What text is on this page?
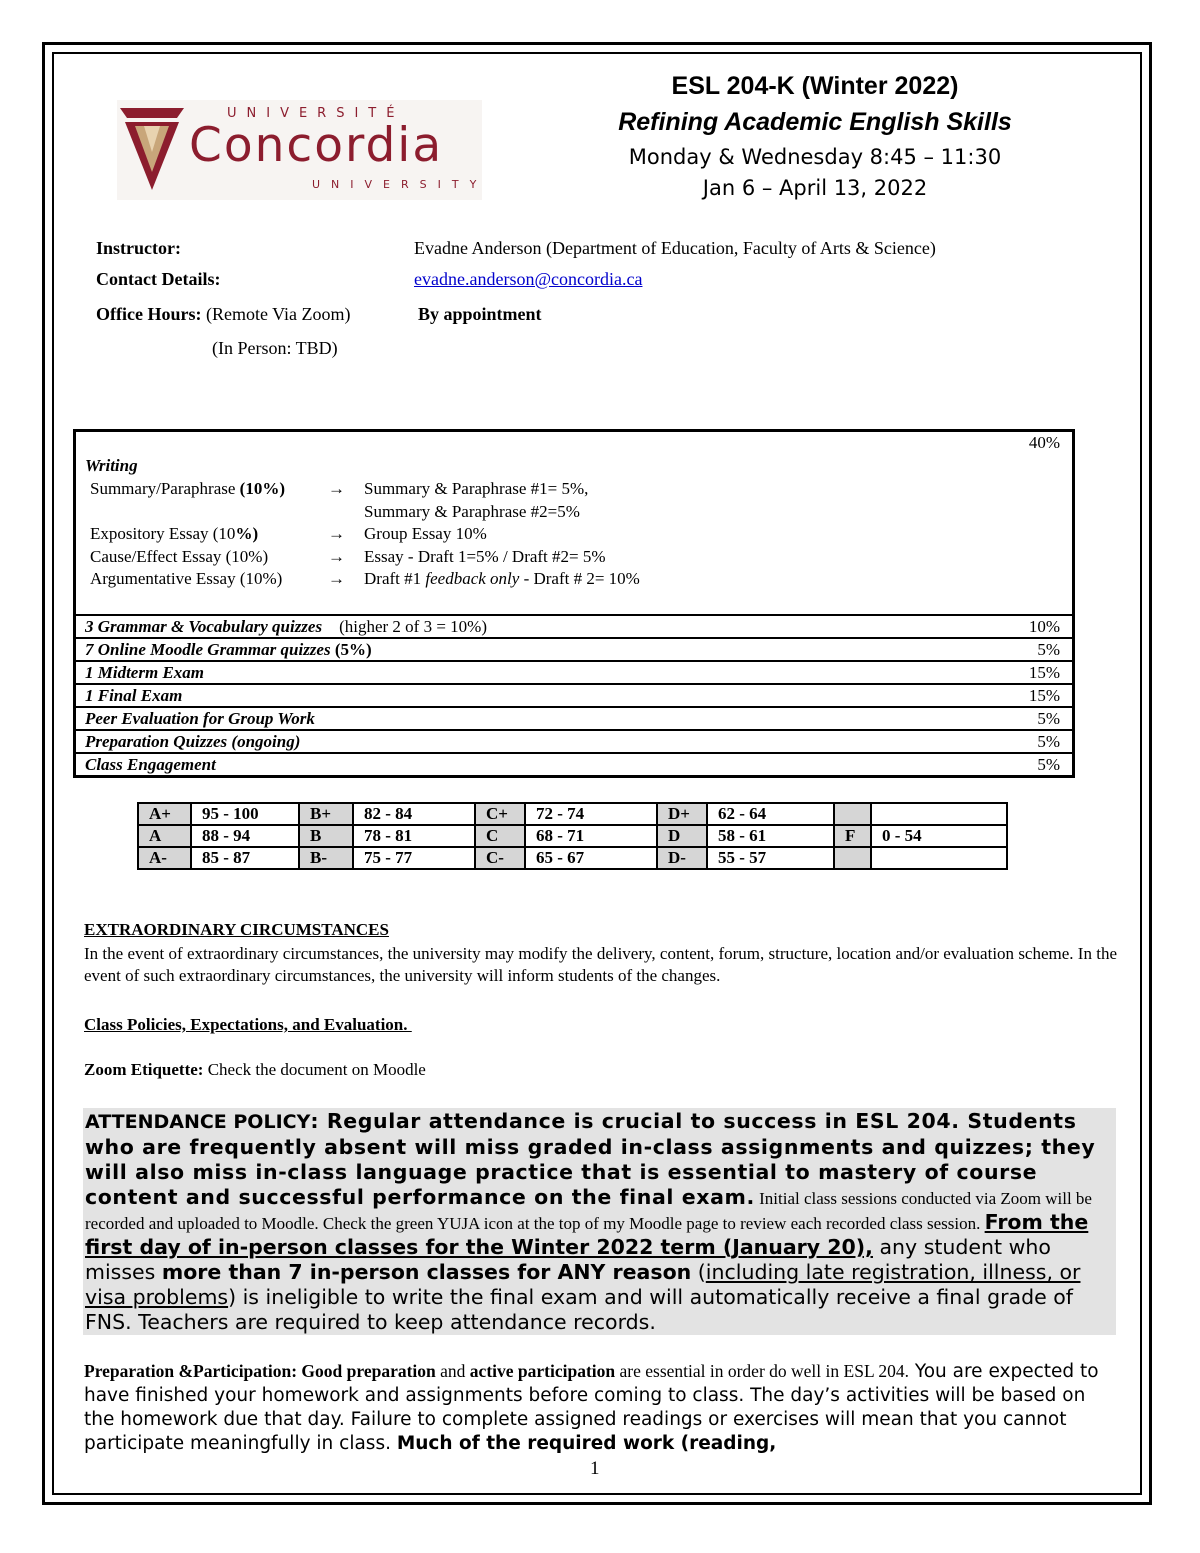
UNIVERSITÉ
Concordia
UNIVERSITY
ESL 204-K (Winter 2022)
Refining Academic English Skills
Monday & Wednesday 8:45 – 11:30
Jan 6 – April 13, 2022
Instructor:	Evadne Anderson (Department of Education, Faculty of Arts & Science)
Contact Details:	evadne.anderson@concordia.ca
Office Hours: (Remote Via Zoom)	By appointment
(In Person: TBD)
40%
Writing
Summary/Paraphrase (10%)	→ Summary & Paraphrase #1= 5%,
Summary & Paraphrase #2=5%
Expository Essay (10%)	→ Group Essay 10%
Cause/Effect Essay (10%)	→ Essay - Draft 1=5% / Draft #2= 5%
Argumentative Essay (10%)	→ Draft #1 feedback only - Draft # 2= 10%
3 Grammar & Vocabulary quizzes (higher 2 of 3 = 10%)	10%
7 Online Moodle Grammar quizzes (5%)	5%
1 Midterm Exam	15%
1 Final Exam	15%
Peer Evaluation for Group Work	5%
Preparation Quizzes (ongoing)	5%
Class Engagement	5%
A+	95 - 100	B+	82 - 84	C+	72 - 74	D+	62 - 64		
A	88 - 94	B	78 - 81	C	68 - 71	D	58 - 61	F	0 - 54
A-	85 - 87	B-	75 - 77	C-	65 - 67	D-	55 - 57		
EXTRAORDINARY CIRCUMSTANCES
In the event of extraordinary circumstances, the university may modify the delivery, content, forum, structure, location and/or evaluation scheme. In the event of such extraordinary circumstances, the university will inform students of the changes.
Class Policies, Expectations, and Evaluation.
Zoom Etiquette: Check the document on Moodle
ATTENDANCE POLICY: Regular attendance is crucial to success in ESL 204. Students who are frequently absent will miss graded in-class assignments and quizzes; they will also miss in-class language practice that is essential to mastery of course content and successful performance on the final exam. Initial class sessions conducted via Zoom will be recorded and uploaded to Moodle. Check the green YUJA icon at the top of my Moodle page to review each recorded class session. From the first day of in-person classes for the Winter 2022 term (January 20), any student who misses more than 7 in-person classes for ANY reason (including late registration, illness, or visa problems) is ineligible to write the final exam and will automatically receive a final grade of FNS. Teachers are required to keep attendance records.
Preparation &Participation: Good preparation and active participation are essential in order do well in ESL 204. You are expected to have finished your homework and assignments before coming to class. The day’s activities will be based on the homework due that day. Failure to complete assigned readings or exercises will mean that you cannot participate meaningfully in class. Much of the required work (reading,
1
